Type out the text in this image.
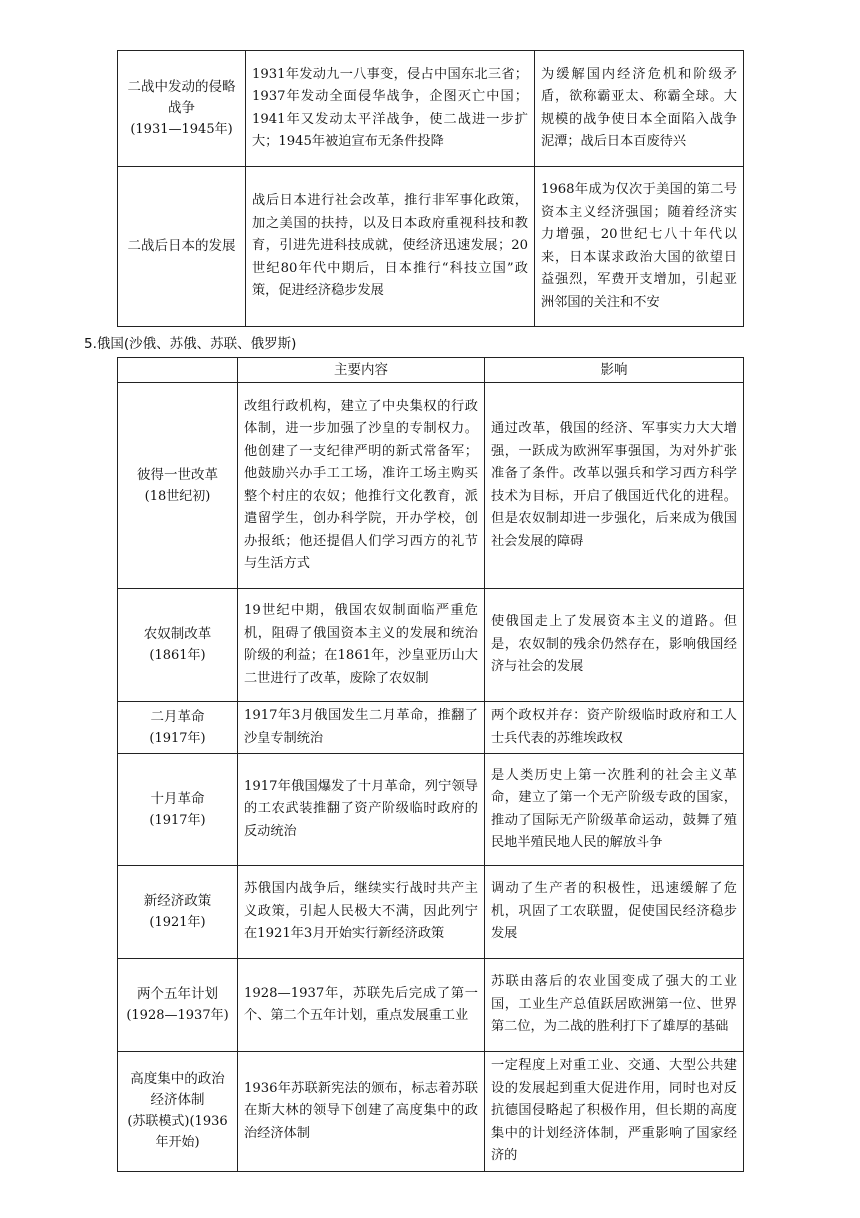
二战中发动的侵略战争
(1931—1945年)	1931年发动九一八事变，侵占中国东北三省；1937年发动全面侵华战争，企图灭亡中国；1941年又发动太平洋战争，使二战进一步扩大；1945年被迫宣布无条件投降	为缓解国内经济危机和阶级矛盾，欲称霸亚太、称霸全球。大规模的战争使日本全面陷入战争泥潭；战后日本百废待兴
二战后日本的发展	战后日本进行社会改革，推行非军事化政策，加之美国的扶持，以及日本政府重视科技和教育，引进先进科技成就，使经济迅速发展；20世纪80年代中期后，日本推行“科技立国”政策，促进经济稳步发展	1968年成为仅次于美国的第二号资本主义经济强国；随着经济实力增强，20世纪七八十年代以来，日本谋求政治大国的欲望日益强烈，军费开支增加，引起亚洲邻国的关注和不安
5.俄国(沙俄、苏俄、苏联、俄罗斯)
	主要内容	影响
彼得一世改革
(18世纪初)	改组行政机构，建立了中央集权的行政体制，进一步加强了沙皇的专制权力。他创建了一支纪律严明的新式常备军；他鼓励兴办手工工场，准许工场主购买整个村庄的农奴；他推行文化教育，派遣留学生，创办科学院，开办学校，创办报纸；他还提倡人们学习西方的礼节与生活方式	通过改革，俄国的经济、军事实力大大增强，一跃成为欧洲军事强国，为对外扩张准备了条件。改革以强兵和学习西方科学技术为目标，开启了俄国近代化的进程。但是农奴制却进一步强化，后来成为俄国社会发展的障碍
农奴制改革
(1861年)	19世纪中期，俄国农奴制面临严重危机，阻碍了俄国资本主义的发展和统治阶级的利益；在1861年，沙皇亚历山大二世进行了改革，废除了农奴制	使俄国走上了发展资本主义的道路。但是，农奴制的残余仍然存在，影响俄国经济与社会的发展
二月革命
(1917年)	1917年3月俄国发生二月革命，推翻了沙皇专制统治	两个政权并存：资产阶级临时政府和工人士兵代表的苏维埃政权
十月革命
(1917年)	1917年俄国爆发了十月革命，列宁领导的工农武装推翻了资产阶级临时政府的反动统治	是人类历史上第一次胜利的社会主义革命，建立了第一个无产阶级专政的国家，推动了国际无产阶级革命运动，鼓舞了殖民地半殖民地人民的解放斗争
新经济政策
(1921年)	苏俄国内战争后，继续实行战时共产主义政策，引起人民极大不满，因此列宁在1921年3月开始实行新经济政策	调动了生产者的积极性，迅速缓解了危机，巩固了工农联盟，促使国民经济稳步发展
两个五年计划
(1928—1937年)	1928—1937年，苏联先后完成了第一个、第二个五年计划，重点发展重工业	苏联由落后的农业国变成了强大的工业国，工业生产总值跃居欧洲第一位、世界第二位，为二战的胜利打下了雄厚的基础
高度集中的政治经济体制
(苏联模式)(1936年开始)	1936年苏联新宪法的颁布，标志着苏联在斯大林的领导下创建了高度集中的政治经济体制	一定程度上对重工业、交通、大型公共建设的发展起到重大促进作用，同时也对反抗德国侵略起了积极作用，但长期的高度集中的计划经济体制，严重影响了国家经济的
